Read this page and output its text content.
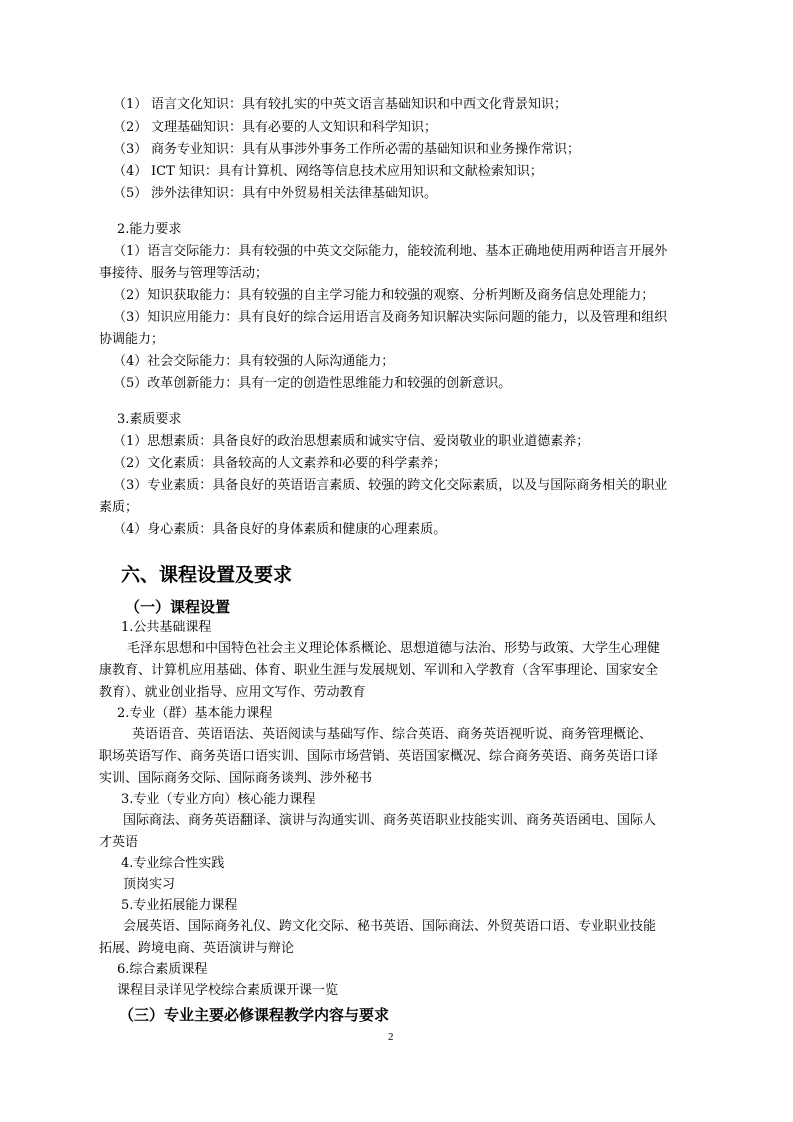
（1） 语言文化知识：具有较扎实的中英文语言基础知识和中西文化背景知识；
（2） 文理基础知识：具有必要的人文知识和科学知识；
（3） 商务专业知识：具有从事涉外事务工作所必需的基础知识和业务操作常识；
（4） ICT 知识：具有计算机、网络等信息技术应用知识和文献检索知识；
（5） 涉外法律知识：具有中外贸易相关法律基础知识。
2.能力要求
（1）语言交际能力：具有较强的中英文交际能力，能较流利地、基本正确地使用两种语言开展外
事接待、服务与管理等活动；
（2）知识获取能力：具有较强的自主学习能力和较强的观察、分析判断及商务信息处理能力；
（3）知识应用能力：具有良好的综合运用语言及商务知识解决实际问题的能力，以及管理和组织
协调能力；
（4）社会交际能力：具有较强的人际沟通能力；
（5）改革创新能力：具有一定的创造性思维能力和较强的创新意识。
3.素质要求
（1）思想素质：具备良好的政治思想素质和诚实守信、爱岗敬业的职业道德素养；
（2）文化素质：具备较高的人文素养和必要的科学素养；
（3）专业素质：具备良好的英语语言素质、较强的跨文化交际素质，以及与国际商务相关的职业
素质；
（4）身心素质：具备良好的身体素质和健康的心理素质。
六、课程设置及要求
（一）课程设置
1.公共基础课程
毛泽东思想和中国特色社会主义理论体系概论、思想道德与法治、形势与政策、大学生心理健
康教育、计算机应用基础、体育、职业生涯与发展规划、军训和入学教育（含军事理论、国家安全
教育）、就业创业指导、应用文写作、劳动教育
2.专业（群）基本能力课程
英语语音、英语语法、英语阅读与基础写作、综合英语、商务英语视听说、商务管理概论、
职场英语写作、商务英语口语实训、国际市场营销、英语国家概况、综合商务英语、商务英语口译
实训、国际商务交际、国际商务谈判、涉外秘书
3.专业（专业方向）核心能力课程
国际商法、商务英语翻译、演讲与沟通实训、商务英语职业技能实训、商务英语函电、国际人
才英语
4.专业综合性实践
顶岗实习
5.专业拓展能力课程
会展英语、国际商务礼仪、跨文化交际、秘书英语、国际商法、外贸英语口语、专业职业技能
拓展、跨境电商、英语演讲与辩论
6.综合素质课程
课程目录详见学校综合素质课开课一览
（三）专业主要必修课程教学内容与要求
2
